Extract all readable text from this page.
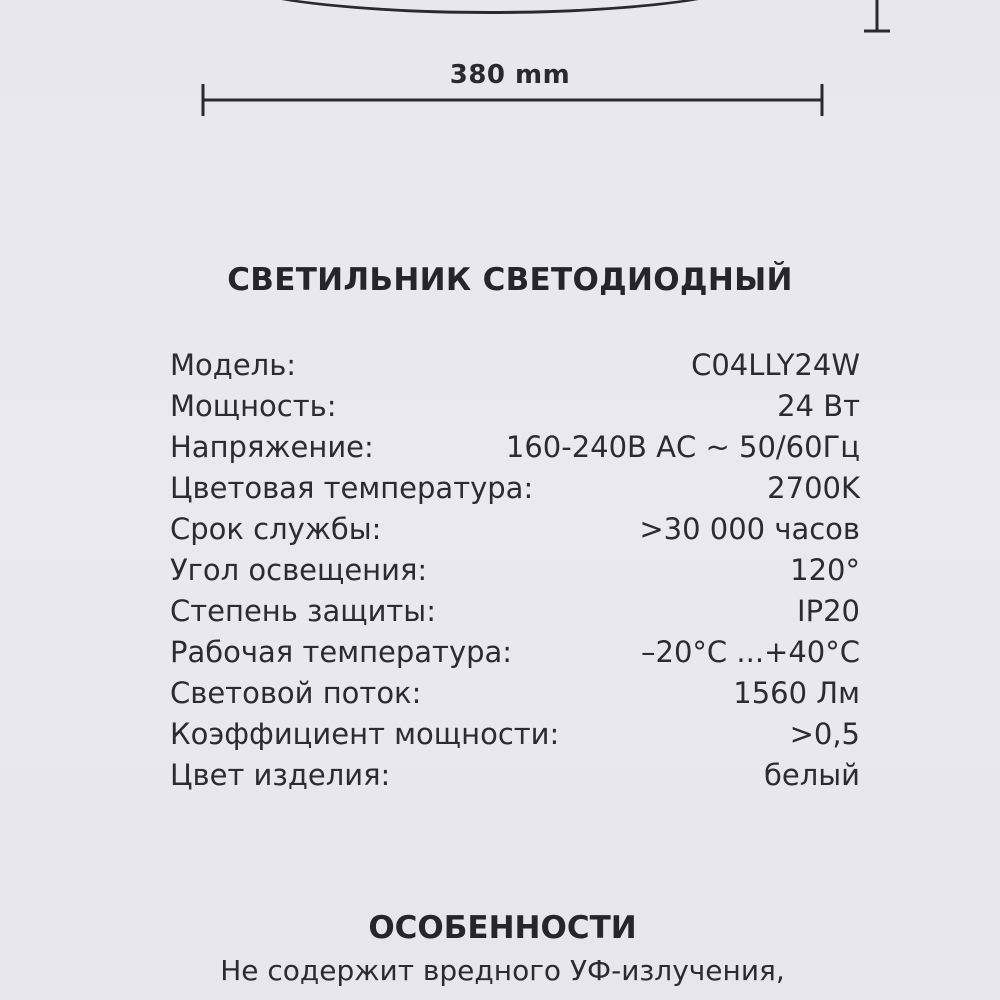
380 mm
СВЕТИЛЬНИК СВЕТОДИОДНЫЙ
Модель:	C04LLY24W
Мощность:	24 Вт
Напряжение:	160-240В АС ~ 50/60Гц
Цветовая температура:	2700K
Срок службы:	>30 000 часов
Угол освещения:	120°
Степень защиты:	IP20
Рабочая температура:	–20°С ...+40°С
Световой поток:	1560 Лм
Коэффициент мощности:	>0,5
Цвет изделия:	белый
ОСОБЕННОСТИ
Не содержит вредного УФ-излучения,
